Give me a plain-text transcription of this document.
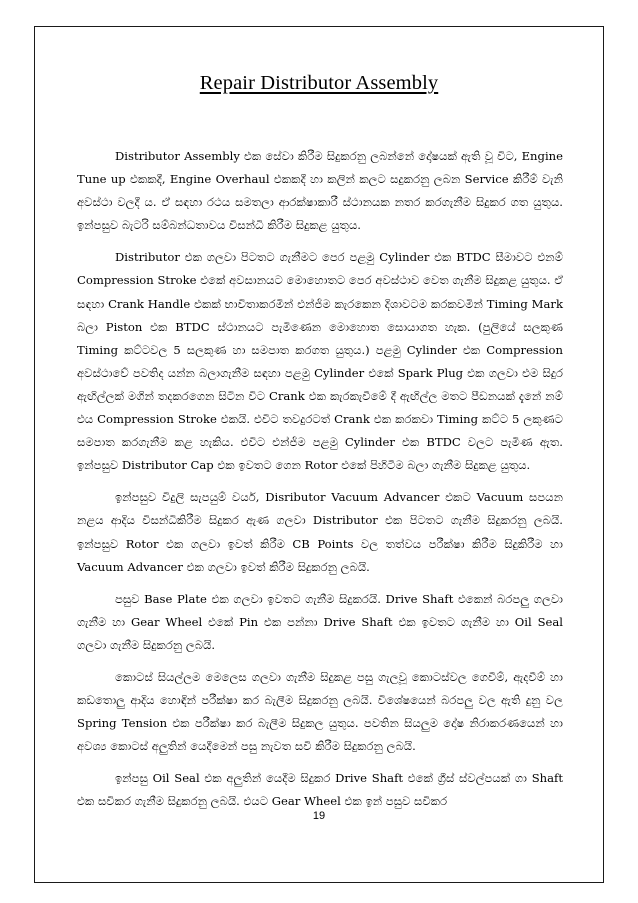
Repair Distributor Assembly

Distributor Assembly එක සේවා කිරීම සිදුකරනු ලබන්නේ දෝෂයක් ඇති වූ විට, Engine Tune up එකකදී, Engine Overhaul එකකදී හා කලින් කලට සදුකරනු ලබන Service කිරීම් වැනි අවස්ථා වලදී ය. ඒ සඳහා රථය සමතලා ආරක්ෂාකාරී ස්ථානයක නතර කරගැනීම සිදුකර ගත යුතුය. ඉන්පසුව බැටරි සම්බන්ධතාවය විසන්ධි කිරීම සිදුකළ යුතුය.

Distributor එක ගලවා පිටතට ගැනීමට පෙර පළමු Cylinder එක BTDC සීමාවට එනම් Compression Stroke එකේ අවසානයට මොහොතට පෙර අවස්ථාව වෙත ගැනීම සිදුකළ යුතුය. ඒ සඳහා Crank Handle එකක් භාවිතාකරමින් එන්ජිම කැරකෙන දිශාවටම කරකවමින් Timing Mark බලා Piston එක BTDC ස්ථානයට පැමිණෙන මොහොත සොයාගත හැක. (පුලියේ සලකුණ Timing කට්ටවල 5 සලකුණ හා සමපාත කරගත යුතුය.) පළමු Cylinder එක Compression අවස්ථාවේ පවතිද යන්න බලාගැනීම සඳහා පළමු Cylinder එකේ Spark Plug එක ගලවා එම සිදුර ඇඟිල්ලක් මගින් තදකරගෙන සිටින විට Crank එක කැරකැවීමේ දී ඇඟිල්ල මතට පීඩනයක් දැනේ නම් එය Compression Stroke එකයි. එවිට තවදුරටත් Crank එක කරකවා Timing කට්ට 5 ලකුණට සමපාත කරගැනීම කළ හැකිය. එවිට එන්ජිම පළමු Cylinder එක BTDC වලට පැමිණ ඇත. ඉන්පසුව Distributor Cap එක ඉවතට ගෙන Rotor එකේ පිහිටීම බලා ගැනීම සිදුකළ යුතුය.

ඉන්පසුව විදුලි සැපයුම් වයර්, Disributor Vacuum Advancer එකට Vacuum සපයන නළය ආදිය විසන්ධිකිරීම සිදුකර ඇණ ගලවා Distributor එක පිටතට ගැනීම සිදුකරනු ලබයි. ඉන්පසුව Rotor එක ගලවා ඉවත් කිරීම CB Points වල තත්වය පරීක්ෂා කිරීම සිදුකිරීම හා Vacuum Advancer එක ගලවා ඉවත් කිරීම සිදුකරනු ලබයි.

පසුව Base Plate එක ගලවා ඉවතට ගැනීම සිදුකරයි. Drive Shaft එකෙන් බරපලු ගලවා ගැනීම හා Gear Wheel එකේ Pin එක පන්නා Drive Shaft එක ඉවතට ගැනීම හා Oil Seal ගලවා ගැනීම සිදුකරනු ලබයි.

කොටස් සියල්ලම මෙලෙස ගලවා ගැනීම සිදුකළ පසු ගැලවූ කොටස්වල ගෙවීම්, ඇදවීම් හා කඩතොලු ආදිය හොඳින් පරීක්ෂා කර බැලීම සිදුකරනු ලබයි. විශේෂයෙන් බරපලු වල ඇති දුනු වල Spring Tension එක පරීක්ෂා කර බැලීම සිදුකල යුතුය. පවතින සියලුම දෝෂ නිරාකරණයෙන් හා අවශ්‍ය කොටස් අලුතින් යෙදීමෙන් පසු නැවත සවි කිරීම සිදුකරනු ලබයි.

ඉන්පසු Oil Seal එක අලුතින් යෙදීම සිදුකර Drive Shaft එකේ ග්‍රීස් ස්වල්පයක් ගා Shaft එක සවිකර ගැනීම සිදුකරනු ලබයි. එයට Gear Wheel එක ඉන් පසුව සවිකර

19
